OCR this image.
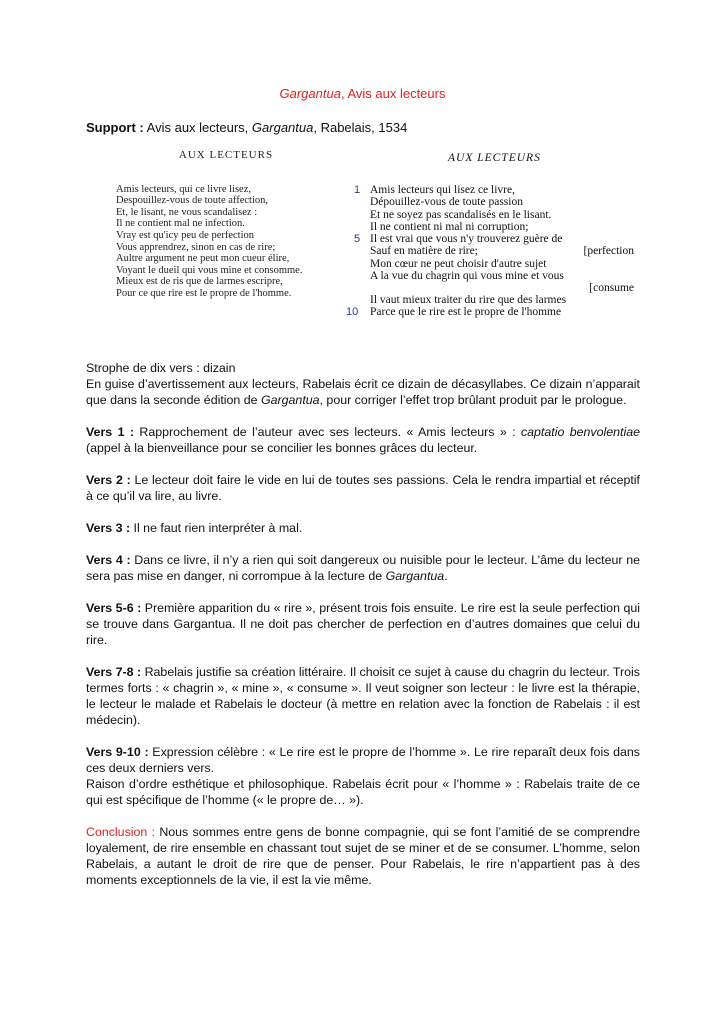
Gargantua, Avis aux lecteurs
Support : Avis aux lecteurs, Gargantua, Rabelais, 1534
AUX LECTEURS
Amis lecteurs, qui ce livre lisez,
Despouillez-vous de toute affection,
Et, le lisant, ne vous scandalisez :
Il ne contient mal ne infection.
Vray est qu'icy peu de perfection
Vous apprendrez, sinon en cas de rire;
Aultre argument ne peut mon cueur élire,
Voyant le dueil qui vous mine et consomme.
Mieux est de ris que de larmes escripre,
Pour ce que rire est le propre de l'homme.
AUX LECTEURS
1 Amis lecteurs qui lisez ce livre,
Dépouillez-vous de toute passion
Et ne soyez pas scandalisés en le lisant.
Il ne contient ni mal ni corruption;
5 Il est vrai que vous n'y trouverez guère de
[perfection
Sauf en matière de rire;
Mon cœur ne peut choisir d'autre sujet
A la vue du chagrin qui vous mine et vous
[consume
Il vaut mieux traiter du rire que des larmes
10 Parce que le rire est le propre de l'homme

Strophe de dix vers : dizain

En guise d’avertissement aux lecteurs, Rabelais écrit ce dizain de décasyllabes. Ce dizain n’apparait que dans la seconde édition de Gargantua, pour corriger l’effet trop brûlant produit par le prologue.

Vers 1 : Rapprochement de l’auteur avec ses lecteurs. « Amis lecteurs » : captatio benvolentiae (appel à la bienveillance pour se concilier les bonnes grâces du lecteur.

Vers 2 : Le lecteur doit faire le vide en lui de toutes ses passions. Cela le rendra impartial et réceptif à ce qu’il va lire, au livre.

Vers 3 : Il ne faut rien interpréter à mal.

Vers 4 : Dans ce livre, il n’y a rien qui soit dangereux ou nuisible pour le lecteur. L’âme du lecteur ne sera pas mise en danger, ni corrompue à la lecture de Gargantua.

Vers 5-6 : Première apparition du « rire », présent trois fois ensuite. Le rire est la seule perfection qui se trouve dans Gargantua. Il ne doit pas chercher de perfection en d’autres domaines que celui du rire.

Vers 7-8 : Rabelais justifie sa création littéraire. Il choisit ce sujet à cause du chagrin du lecteur. Trois termes forts : « chagrin », « mine », « consume ». Il veut soigner son lecteur : le livre est la thérapie, le lecteur le malade et Rabelais le docteur (à mettre en relation avec la fonction de Rabelais : il est médecin).

Vers 9-10 : Expression célèbre : « Le rire est le propre de l’homme ». Le rire reparaît deux fois dans ces deux derniers vers.

Raison d’ordre esthétique et philosophique. Rabelais écrit pour « l’homme » : Rabelais traite de ce qui est spécifique de l’homme (« le propre de… »).

Conclusion : Nous sommes entre gens de bonne compagnie, qui se font l’amitié de se comprendre loyalement, de rire ensemble en chassant tout sujet de se miner et de se consumer. L’homme, selon Rabelais, a autant le droit de rire que de penser. Pour Rabelais, le rire n’appartient pas à des moments exceptionnels de la vie, il est la vie même.
